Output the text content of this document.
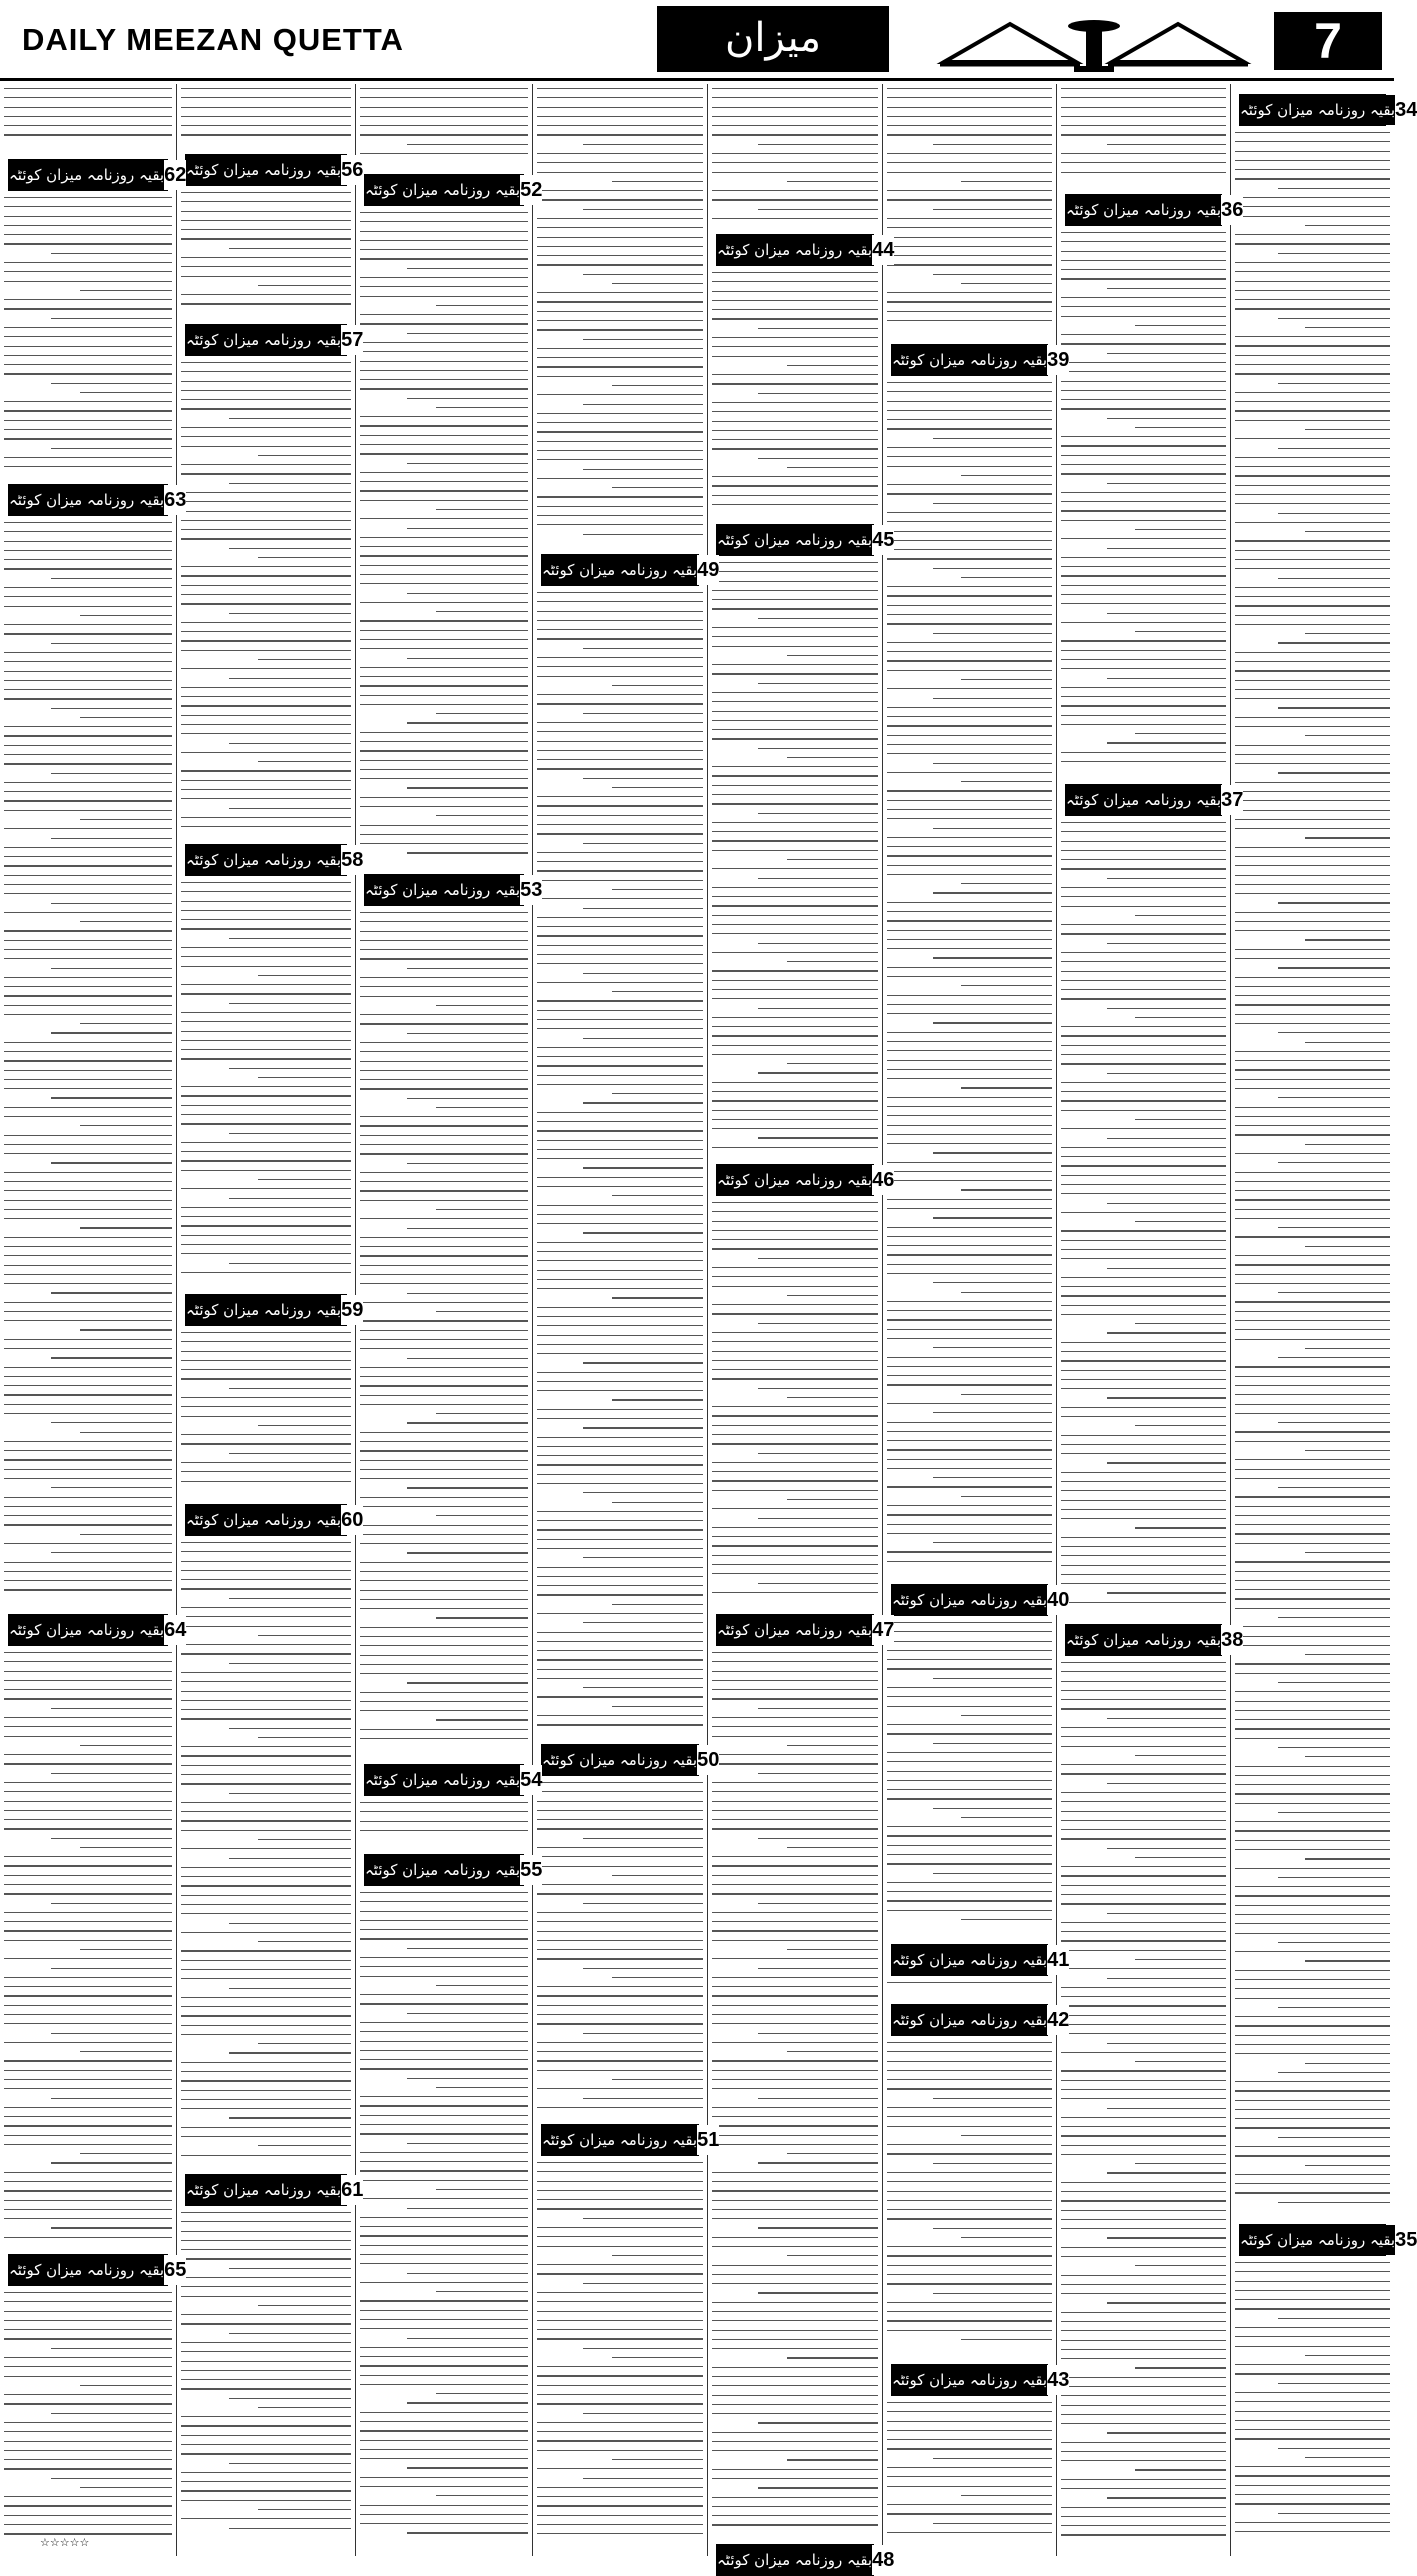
DAILY MEEZAN QUETTA	میزان	7
بقیہ روزنامہ میزان کوئٹہ 34
بقیہ روزنامہ میزان کوئٹہ 35
بقیہ روزنامہ میزان کوئٹہ 36
بقیہ روزنامہ میزان کوئٹہ 37
بقیہ روزنامہ میزان کوئٹہ 38
بقیہ روزنامہ میزان کوئٹہ 39
بقیہ روزنامہ میزان کوئٹہ 40
بقیہ روزنامہ میزان کوئٹہ 41
بقیہ روزنامہ میزان کوئٹہ 42
بقیہ روزنامہ میزان کوئٹہ 43
بقیہ روزنامہ میزان کوئٹہ 44
بقیہ روزنامہ میزان کوئٹہ 45
بقیہ روزنامہ میزان کوئٹہ 46
بقیہ روزنامہ میزان کوئٹہ 47
بقیہ روزنامہ میزان کوئٹہ 48
بقیہ روزنامہ میزان کوئٹہ 49
بقیہ روزنامہ میزان کوئٹہ 50
بقیہ روزنامہ میزان کوئٹہ 51
بقیہ روزنامہ میزان کوئٹہ 52
بقیہ روزنامہ میزان کوئٹہ 53
بقیہ روزنامہ میزان کوئٹہ 54
بقیہ روزنامہ میزان کوئٹہ 55
بقیہ روزنامہ میزان کوئٹہ 56
بقیہ روزنامہ میزان کوئٹہ 57
بقیہ روزنامہ میزان کوئٹہ 58
بقیہ روزنامہ میزان کوئٹہ 59
بقیہ روزنامہ میزان کوئٹہ 60
بقیہ روزنامہ میزان کوئٹہ 61
بقیہ روزنامہ میزان کوئٹہ 62
بقیہ روزنامہ میزان کوئٹہ 63
بقیہ روزنامہ میزان کوئٹہ 64
بقیہ روزنامہ میزان کوئٹہ 65
☆☆☆☆☆
